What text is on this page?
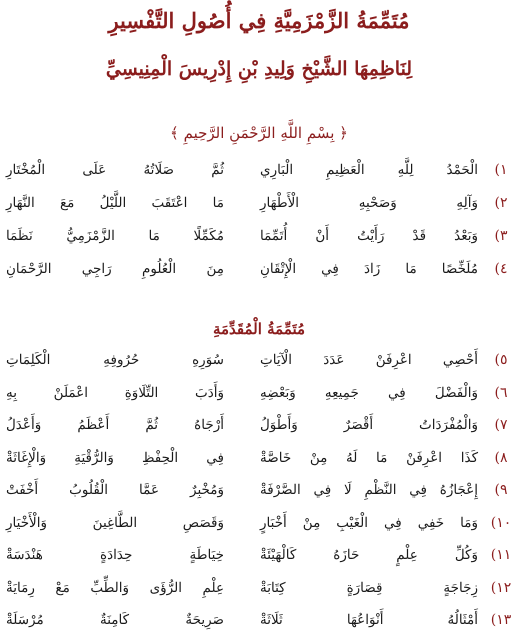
مُتَمِّمَةُ الزَّمْزَمِيَّةِ فِي أُصُولِ التَّفْسِيرِ
لِنَاظِمِهَا الشَّيْخِ وَلِيدِ بْنِ إِدْرِيسَ الْمِنِيسِيِّ
﴿ بِسْمِ اللَّهِ الرَّحْمَنِ الرَّحِيمِ ﴾
١)
الْحَمْدُ لِلَّهِ الْعَظِيمِ الْبَارِي
ثُمَّ صَلَاتُهُ عَلَى الْمُخْتَارِ
٢)
وَآلِهِ وَصَحْبِهِ الْأَطْهَارِ
مَا اعْتَقَبَ اللَّيْلُ مَعَ النَّهَارِ
٣)
وَبَعْدُ قَدْ رَأَيْتُ أَنْ أُتَمِّمَا
مُكَمِّلًا مَا الزَّمْزَمِيُّ نَظَمَا
٤)
مُلَخِّصًا مَا زَادَ فِي الْإِتْقَانِ
مِنَ الْعُلُومِ رَاجِي الرَّحْمَانِ
مُتَمِّمَةُ الْمُقَدِّمَةِ
٥)
أَحْصِي اعْرِفَنْ عَدَدَ الْآيَاتِ
سُوَرِهِ حُرُوفِهِ الْكَلِمَاتِ
٦)
وَالْفَضْلَ فِي جَمِيعِهِ وَبَعْضِهِ
وَأَدَبَ التِّلَاوَةِ اعْمَلَنْ بِهِ
٧)
وَالْمُفْرَدَاتُ أَقْصَرٌ وَأَطْوَلُ
أَرْجَاهُ ثُمَّ أَعْظَمُ وَأَعْدَلُ
٨)
كَذَا اعْرِفَنْ مَا لَهُ مِنْ خَاصَّةْ
فِي الْحِفْظِ وَالرُّقْيَةِ وَالْإِغَاثَةْ
٩)
إِعْجَازُهُ فِي النَّظْمِ لَا فِي الصَّرْفَةْ
وَمُخْبِرٌ عَمَّا الْقُلُوبُ أَخْفَتْ
١٠)
وَمَا خَفِي فِي الْغَيْبِ مِنْ أَخْبَارٍ
وَقَصَصِ الطَّاغِينَ وَالْأَخْيَارِ
١١)
وَكُلِّ عِلْمٍ حَازَهُ كَالْهَيْئَةْ
خِيَاطَةٍ حِدَادَةٍ هَنْدَسَةْ
١٢)
زِجَاجَةٍ قِصَارَةٍ كِتَابَةْ
عِلْمِ الرُّؤَى وَالطِّبِّ مَعْ رِمَايَةْ
١٣)
أَمْثَالُهُ أَنْوَاعُهَا ثَلَاثَةْ
صَرِيحَةٌ كَامِنَةٌ مُرْسَلَةْ
